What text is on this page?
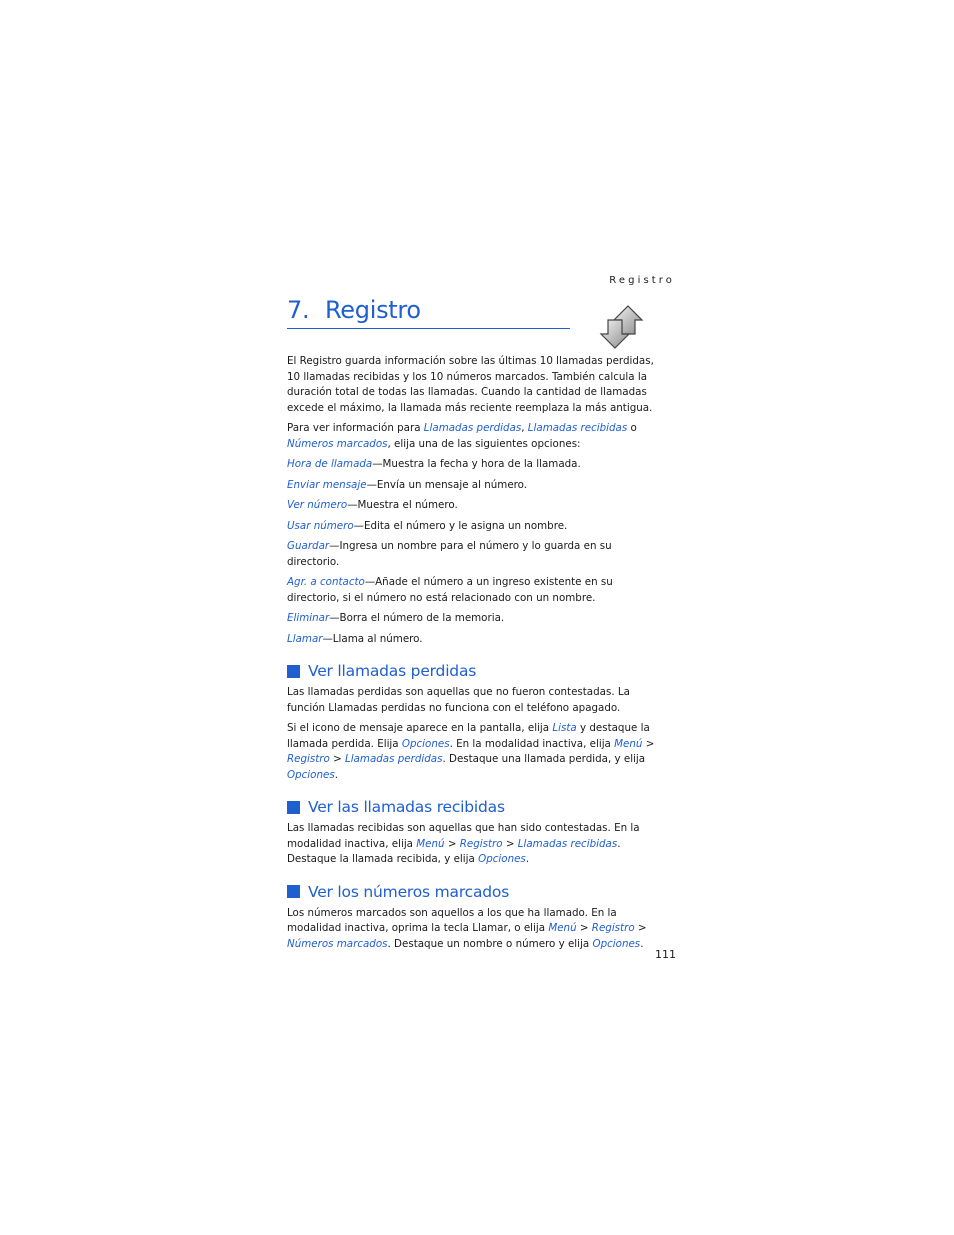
Registro
7. Registro

El Registro guarda información sobre las últimas 10 llamadas perdidas, 10 llamadas recibidas y los 10 números marcados. También calcula la duración total de todas las llamadas. Cuando la cantidad de llamadas excede el máximo, la llamada más reciente reemplaza la más antigua.

Para ver información para Llamadas perdidas, Llamadas recibidas o Números marcados, elija una de las siguientes opciones:

Hora de llamada—Muestra la fecha y hora de la llamada.

Enviar mensaje—Envía un mensaje al número.

Ver número—Muestra el número.

Usar número—Edita el número y le asigna un nombre.

Guardar—Ingresa un nombre para el número y lo guarda en su directorio.

Agr. a contacto—Añade el número a un ingreso existente en su directorio, si el número no está relacionado con un nombre.

Eliminar—Borra el número de la memoria.

Llamar—Llama al número.

Ver llamadas perdidas

Las llamadas perdidas son aquellas que no fueron contestadas. La función Llamadas perdidas no funciona con el teléfono apagado.

Si el icono de mensaje aparece en la pantalla, elija Lista y destaque la llamada perdida. Elija Opciones. En la modalidad inactiva, elija Menú > Registro > Llamadas perdidas. Destaque una llamada perdida, y elija Opciones.

Ver las llamadas recibidas

Las llamadas recibidas son aquellas que han sido contestadas. En la modalidad inactiva, elija Menú > Registro > Llamadas recibidas. Destaque la llamada recibida, y elija Opciones.

Ver los números marcados

Los números marcados son aquellos a los que ha llamado. En la modalidad inactiva, oprima la tecla Llamar, o elija Menú > Registro > Números marcados. Destaque un nombre o número y elija Opciones.

111
